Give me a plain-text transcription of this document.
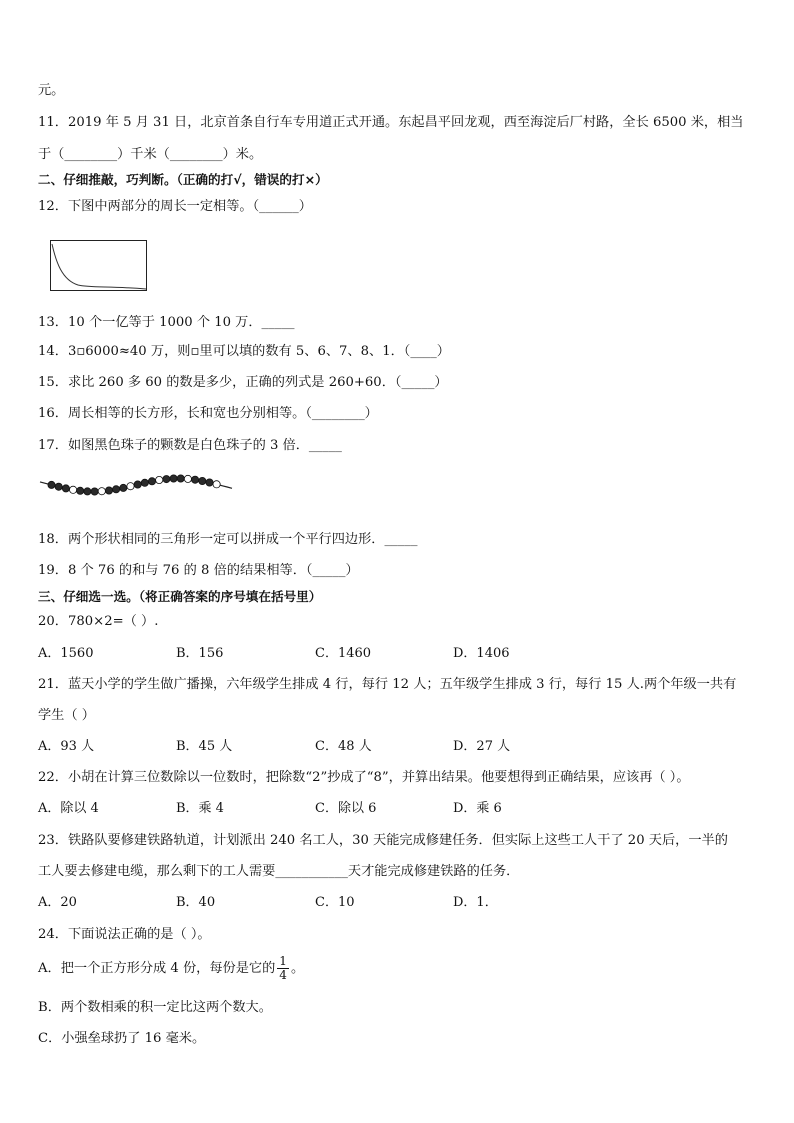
元。
11．2019 年 5 月 31 日，北京首条自行车专用道正式开通。东起昌平回龙观，西至海淀后厂村路，全长 6500 米，相当
于（________）千米（________）米。
二、仔细推敲，巧判断。（正确的打√，错误的打×）
12．下图中两部分的周长一定相等。（______）
13．10 个一亿等于 1000 个 10 万．_____
14．3▫6000≈40 万，则▫里可以填的数有 5、6、7、8、1．（____）
15．求比 260 多 60 的数是多少，正确的列式是 260+60．（_____）
16．周长相等的长方形，长和宽也分别相等。（________）
17．如图黑色珠子的颗数是白色珠子的 3 倍．_____
18．两个形状相同的三角形一定可以拼成一个平行四边形．_____
19．8 个 76 的和与 76 的 8 倍的结果相等．（_____）
三、仔细选一选。（将正确答案的序号填在括号里）
20．780×2=（ ）.
A．1560	B．156	C．1460	D．1406
21．蓝天小学的学生做广播操，六年级学生排成 4 行，每行 12 人；五年级学生排成 3 行，每行 15 人.两个年级一共有
学生（ ）
A．93 人	B．45 人	C．48 人	D．27 人
22．小胡在计算三位数除以一位数时，把除数“2”抄成了“8”，并算出结果。他要想得到正确结果，应该再（ ）。
A．除以 4	B．乘 4	C．除以 6	D．乘 6
23．铁路队要修建铁路轨道，计划派出 240 名工人，30 天能完成修建任务．但实际上这些工人干了 20 天后，一半的
工人要去修建电缆，那么剩下的工人需要___________天才能完成修建铁路的任务．
A．20	B．40	C．10	D．1．
24．下面说法正确的是（ ）。
A．把一个正方形分成 4 份，每份是它的 $\frac{1}{4}$ 。
B．两个数相乘的积一定比这两个数大。
C．小强垒球扔了 16 毫米。
